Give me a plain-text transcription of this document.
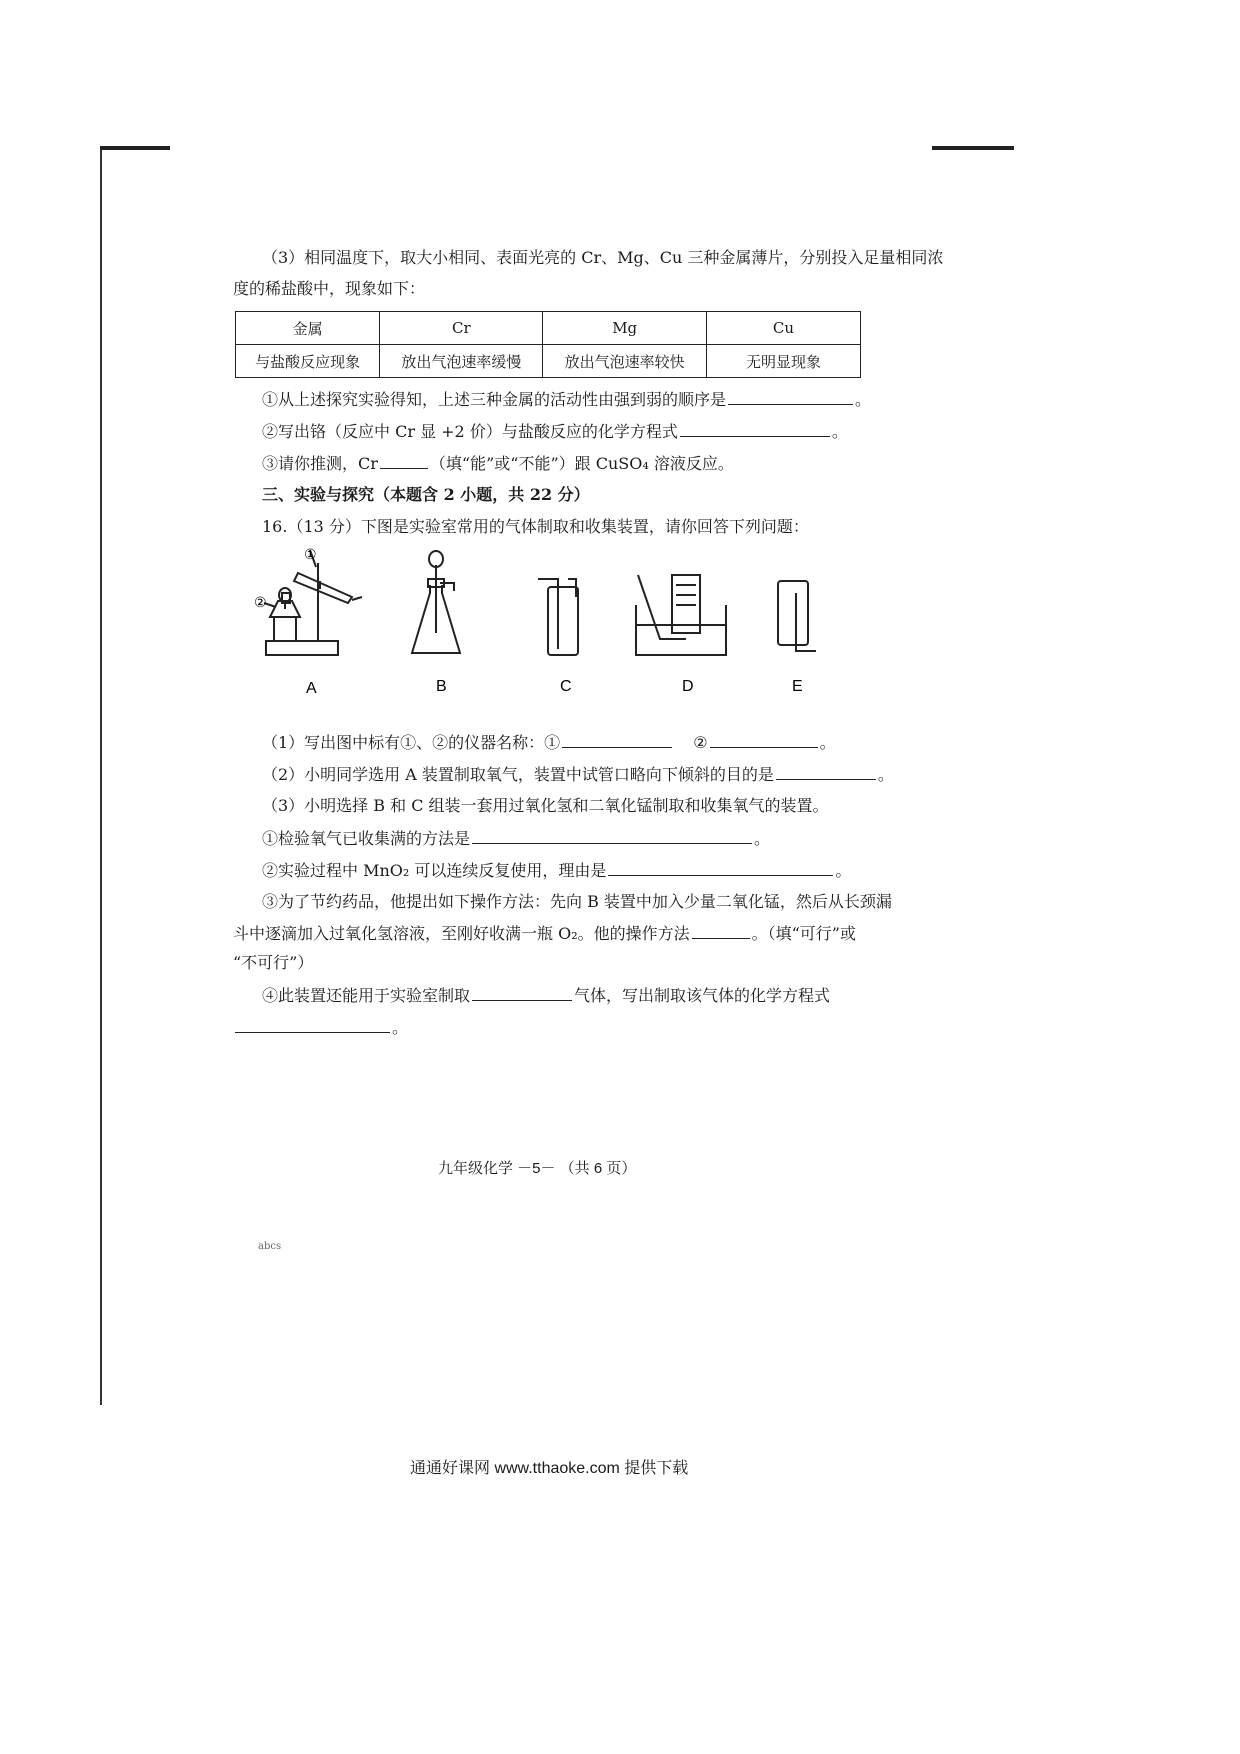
（3）相同温度下，取大小相同、表面光亮的 Cr、Mg、Cu 三种金属薄片，分别投入足量相同浓
度的稀盐酸中，现象如下：
金属	Cr	Mg	Cu
与盐酸反应现象	放出气泡速率缓慢	放出气泡速率较快	无明显现象
①从上述探究实验得知，上述三种金属的活动性由强到弱的顺序是	。
②写出铬（反应中 Cr 显 +2 价）与盐酸反应的化学方程式	。
③请你推测，Cr	（填“能”或“不能”）跟 CuSO₄ 溶液反应。
三、实验与探究（本题含 2 小题，共 22 分）
16.（13 分）下图是实验室常用的气体制取和收集装置，请你回答下列问题：
②
①
A	B	C	D	E
（1）写出图中标有①、②的仪器名称：①	②	。
（2）小明同学选用 A 装置制取氧气，装置中试管口略向下倾斜的目的是	。
（3）小明选择 B 和 C 组装一套用过氧化氢和二氧化锰制取和收集氧气的装置。
①检验氧气已收集满的方法是	。
②实验过程中 MnO₂ 可以连续反复使用，理由是	。
③为了节约药品，他提出如下操作方法：先向 B 装置中加入少量二氧化锰，然后从长颈漏
斗中逐滴加入过氧化氢溶液，至刚好收满一瓶 O₂。他的操作方法	。（填“可行”或
“不可行”）
④此装置还能用于实验室制取	气体，写出制取该气体的化学方程式
。
九年级化学 －5－ （共 6 页）
abcs
通通好课网 www.tthaoke.com 提供下载
